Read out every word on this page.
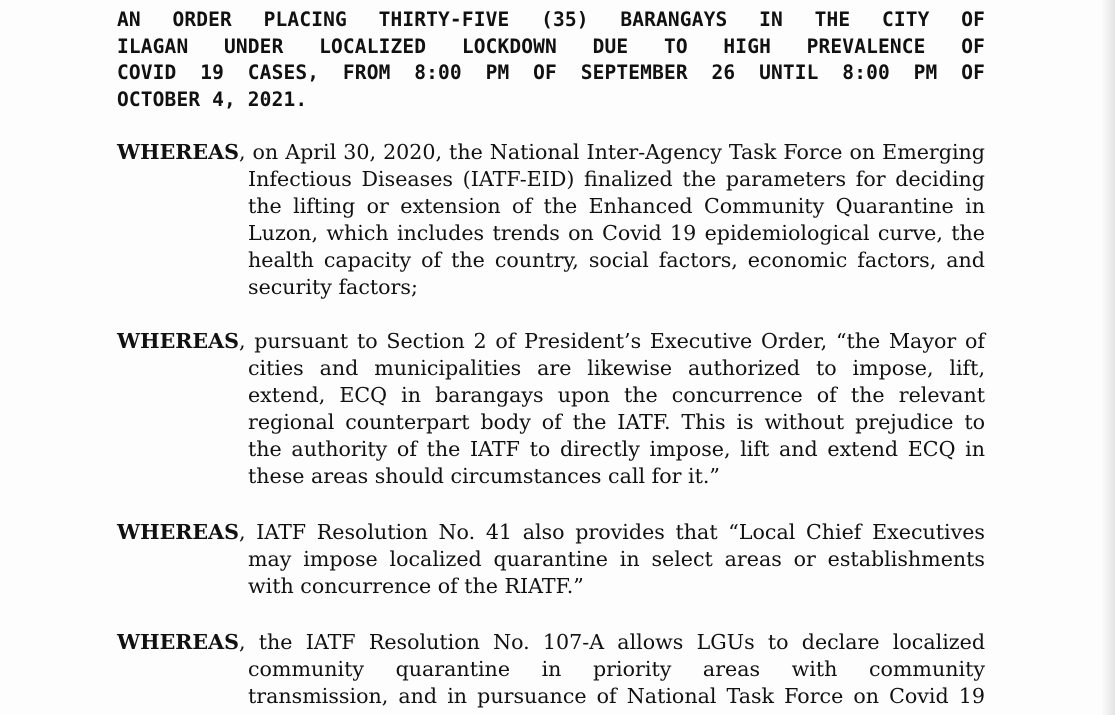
AN ORDER PLACING THIRTY-FIVE (35) BARANGAYS IN THE CITY OF
ILAGAN UNDER LOCALIZED LOCKDOWN DUE TO HIGH PREVALENCE OF
COVID 19 CASES, FROM 8:00 PM OF SEPTEMBER 26 UNTIL 8:00 PM OF
OCTOBER 4, 2021.
WHEREAS, on April 30, 2020, the National Inter-Agency Task Force on Emerging
Infectious Diseases (IATF-EID) finalized the parameters for deciding
the lifting or extension of the Enhanced Community Quarantine in
Luzon, which includes trends on Covid 19 epidemiological curve, the
health capacity of the country, social factors, economic factors, and
security factors;
WHEREAS, pursuant to Section 2 of President’s Executive Order, “the Mayor of
cities and municipalities are likewise authorized to impose, lift,
extend, ECQ in barangays upon the concurrence of the relevant
regional counterpart body of the IATF. This is without prejudice to
the authority of the IATF to directly impose, lift and extend ECQ in
these areas should circumstances call for it.”
WHEREAS, IATF Resolution No. 41 also provides that “Local Chief Executives
may impose localized quarantine in select areas or establishments
with concurrence of the RIATF.”
WHEREAS, the IATF Resolution No. 107-A allows LGUs to declare localized
community quarantine in priority areas with community
transmission, and in pursuance of National Task Force on Covid 19
